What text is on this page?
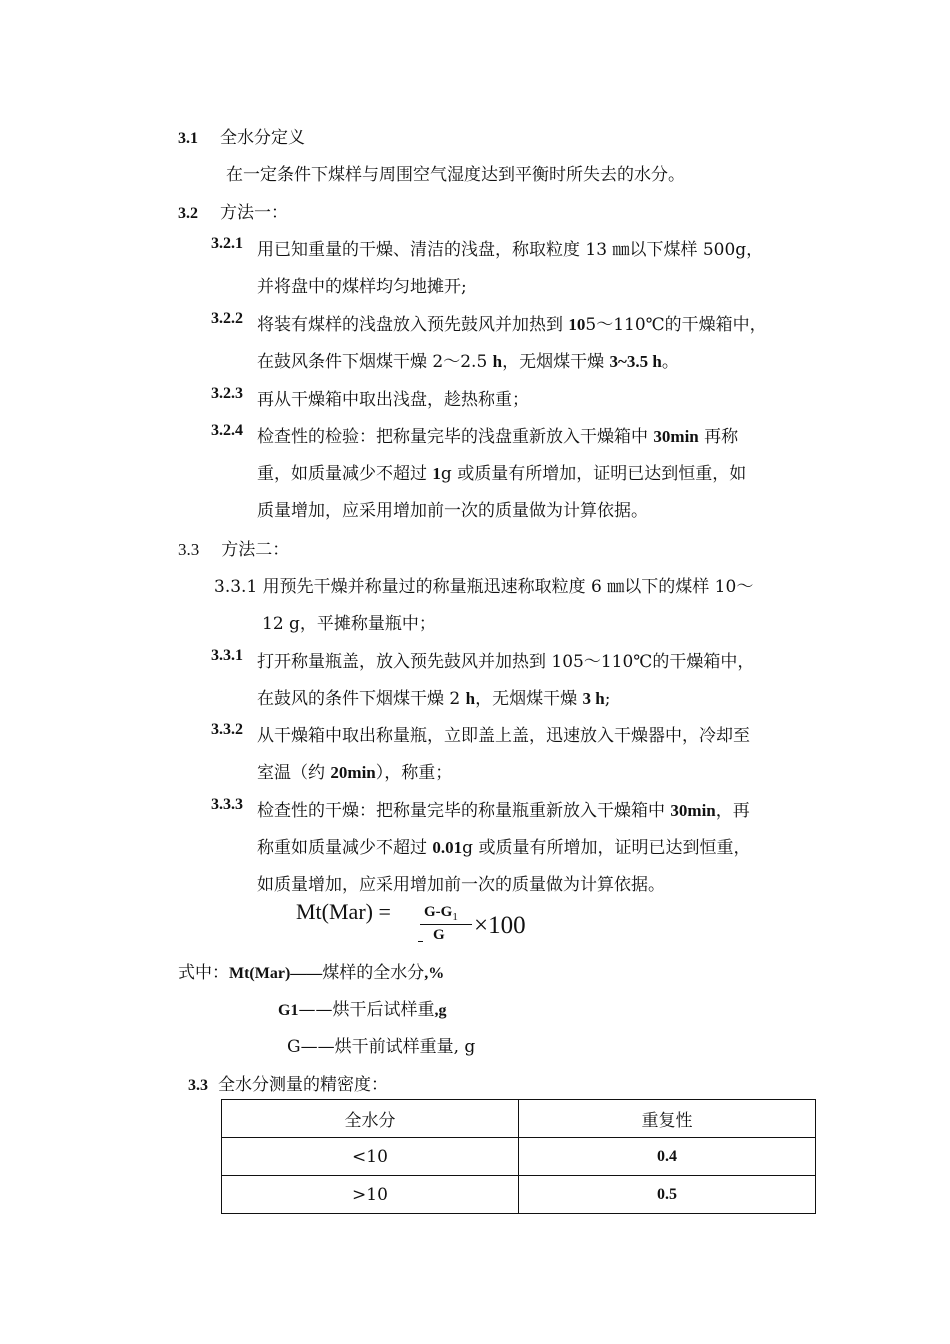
3.1 全水分定义
在一定条件下煤样与周围空气湿度达到平衡时所失去的水分。
3.2 方法一：
3.2.1 用已知重量的干燥、清洁的浅盘，称取粒度 13 ㎜以下煤样 500g，
并将盘中的煤样均匀地摊开;
3.2.2 将装有煤样的浅盘放入预先鼓风并加热到 105～110℃的干燥箱中，
在鼓风条件下烟煤干燥 2～2.5 h，无烟煤干燥 3~3.5 h。
3.2.3 再从干燥箱中取出浅盘，趁热称重；
3.2.4 检查性的检验：把称量完毕的浅盘重新放入干燥箱中 30min 再称
重，如质量减少不超过 1g 或质量有所增加，证明已达到恒重，如
质量增加，应采用增加前一次的质量做为计算依据。
3.3 方法二：
3.3.1 用预先干燥并称量过的称量瓶迅速称取粒度 6 ㎜以下的煤样 10～
12 g，平摊称量瓶中；
3.3.1 打开称量瓶盖，放入预先鼓风并加热到 105～110℃的干燥箱中，
在鼓风的条件下烟煤干燥 2 h，无烟煤干燥 3 h;
3.3.2 从干燥箱中取出称量瓶，立即盖上盖，迅速放入干燥器中，冷却至
室温（约 20min），称重；
3.3.3 检查性的干燥：把称量完毕的称量瓶重新放入干燥箱中 30min，再
称重如质量减少不超过 0.01g 或质量有所增加，证明已达到恒重，
如质量增加，应采用增加前一次的质量做为计算依据。
$Mt(Mar) = G-G_1$
G ×100
式中：Mt(Mar)——煤样的全水分,%
G1——烘干后试样重,g
G——烘干前试样重量, g
3.3 全水分测量的精密度：
全水分	重复性
<10	0.4
>10	0.5
